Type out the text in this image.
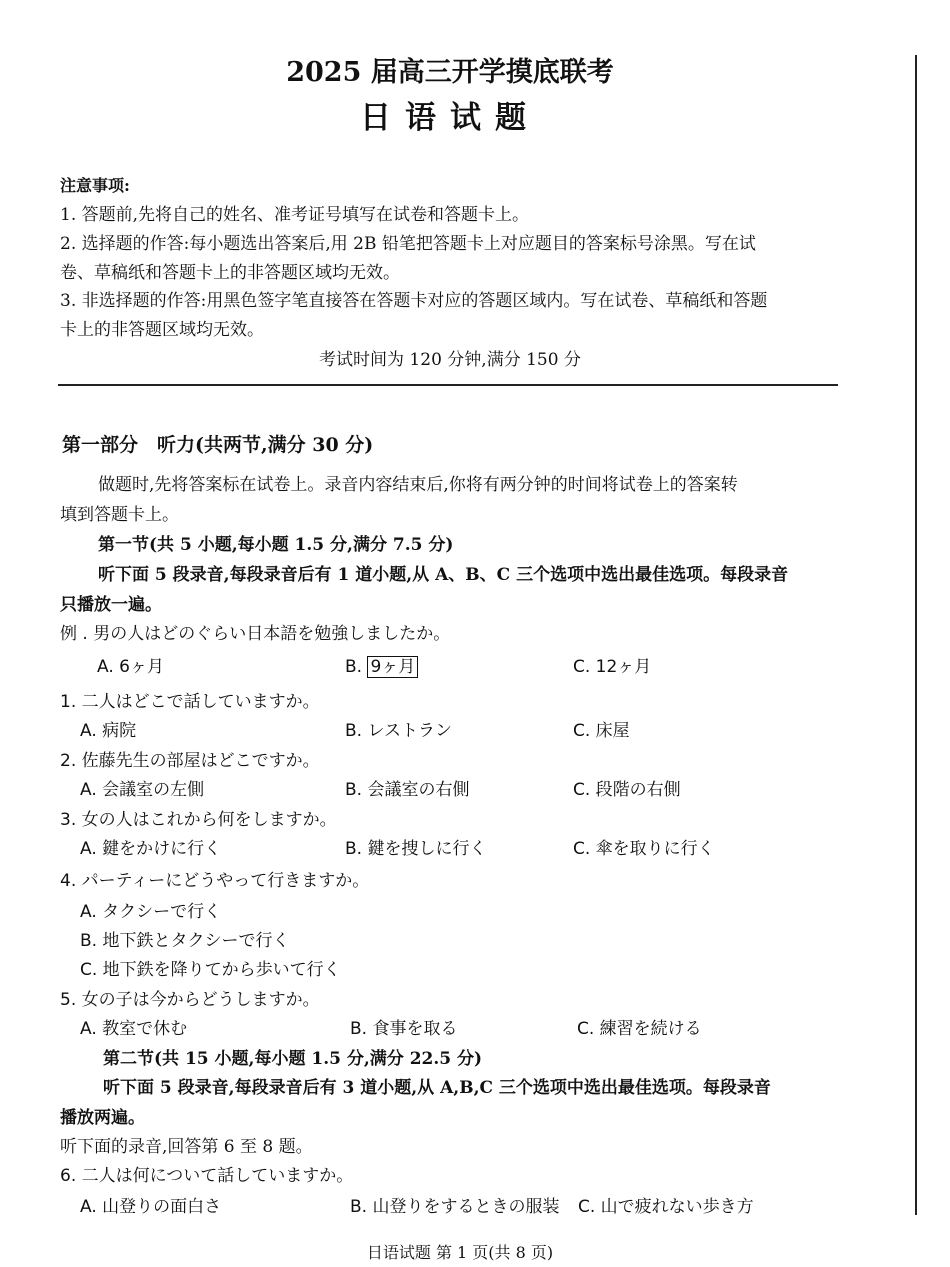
2025 届高三开学摸底联考
日语试题
注意事项:
1. 答题前,先将自己的姓名、准考证号填写在试卷和答题卡上。
2. 选择题的作答:每小题选出答案后,用 2B 铅笔把答题卡上对应题目的答案标号涂黑。写在试
卷、草稿纸和答题卡上的非答题区域均无效。
3. 非选择题的作答:用黑色签字笔直接答在答题卡对应的答题区域内。写在试卷、草稿纸和答题
卡上的非答题区域均无效。
考试时间为 120 分钟,满分 150 分
第一部分　听力(共两节,满分 30 分)
做题时,先将答案标在试卷上。录音内容结束后,你将有两分钟的时间将试卷上的答案转
填到答题卡上。
第一节(共 5 小题,每小题 1.5 分,满分 7.5 分)
听下面 5 段录音,每段录音后有 1 道小题,从 A、B、C 三个选项中选出最佳选项。每段录音
只播放一遍。
例 . 男の人はどのぐらい日本語を勉強しましたか。
A. 6ヶ月	B. 9ヶ月	C. 12ヶ月
1. 二人はどこで話していますか。
A. 病院	B. レストラン	C. 床屋
2. 佐藤先生の部屋はどこですか。
A. 会議室の左側	B. 会議室の右側	C. 段階の右側
3. 女の人はこれから何をしますか。
A. 鍵をかけに行く	B. 鍵を捜しに行く	C. 傘を取りに行く
4. パーティーにどうやって行きますか。
A. タクシーで行く
B. 地下鉄とタクシーで行く
C. 地下鉄を降りてから歩いて行く
5. 女の子は今からどうしますか。
A. 教室で休む	B. 食事を取る	C. 練習を続ける
第二节(共 15 小题,每小题 1.5 分,满分 22.5 分)
听下面 5 段录音,每段录音后有 3 道小题,从 A,B,C 三个选项中选出最佳选项。每段录音
播放两遍。
听下面的录音,回答第 6 至 8 题。
6. 二人は何について話していますか。
A. 山登りの面白さ	B. 山登りをするときの服装 C. 山で疲れない歩き方
日语试题 第 1 页(共 8 页)
